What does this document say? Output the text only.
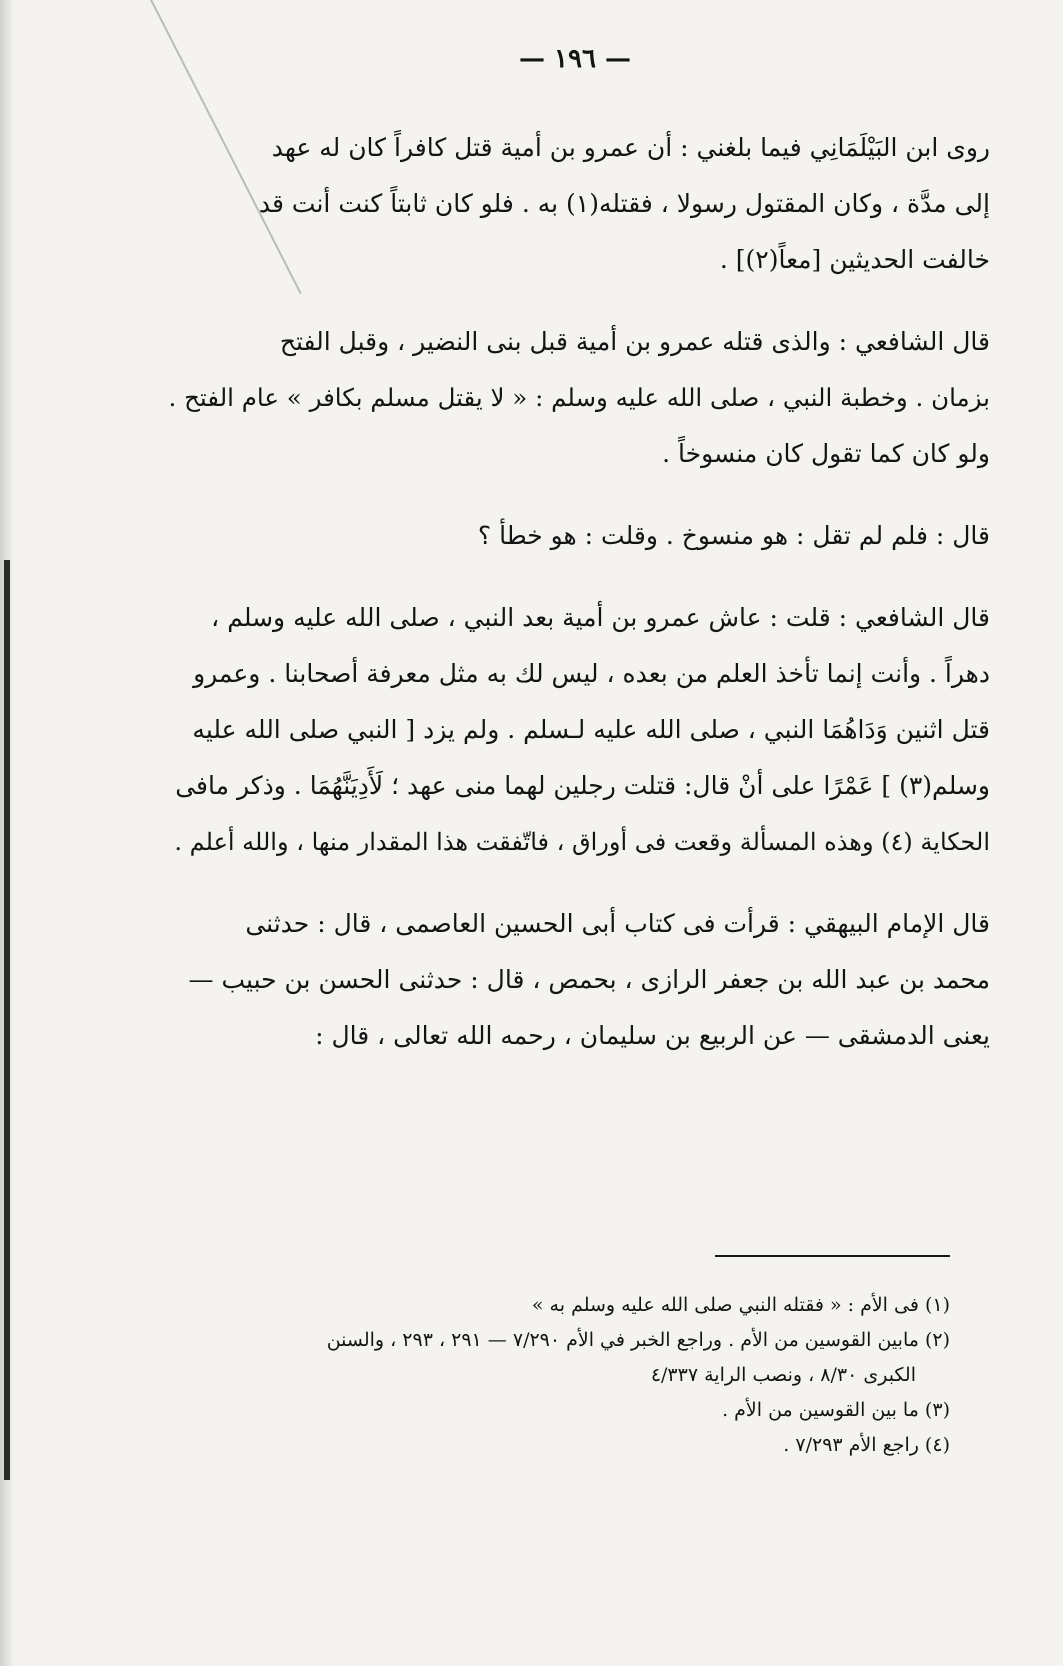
— ١٩٦ —

روى ابن البَيْلَمَانِي فيما بلغني : أن عمرو بن أمية قتل كافراً كان له عهد
إلى مدَّة ، وكان المقتول رسولا ، فقتله(١) به . فلو كان ثابتاً كنت أنت قد
خالفت الحديثين [معاً(٢)] .

قال الشافعي : والذى قتله عمرو بن أمية قبل بنى النضير ، وقبل الفتح
بزمان . وخطبة النبي ، صلى الله عليه وسلم : « لا يقتل مسلم بكافر » عام الفتح .
ولو كان كما تقول كان منسوخاً .

قال : فلم لم تقل : هو منسوخ . وقلت : هو خطأ ؟

قال الشافعي : قلت : عاش عمرو بن أمية بعد النبي ، صلى الله عليه وسلم ،
دهراً . وأنت إنما تأخذ العلم من بعده ، ليس لك به مثل معرفة أصحابنا . وعمرو
قتل اثنين وَدَاهُمَا النبي ، صلى الله عليه لـسلم . ولم يزد [ النبي صلى الله عليه
وسلم(٣) ] عَمْرًا على أنْ قال: قتلت رجلين لهما منى عهد ؛ لَأَدِيَنَّهُمَا . وذكر مافى
الحكاية (٤) وهذه المسألة وقعت فى أوراق ، فاتّفقت هذا المقدار منها ، والله أعلم .

قال الإمام البيهقي : قرأت فى كتاب أبى الحسين العاصمى ، قال : حدثنى
محمد بن عبد الله بن جعفر الرازى ، بحمص ، قال : حدثنى الحسن بن حبيب —
يعنى الدمشقى — عن الربيع بن سليمان ، رحمه الله تعالى ، قال :

(١) فى الأم : « فقتله النبي صلى الله عليه وسلم به »
(٢) مابين القوسين من الأم . وراجع الخبر في الأم ٧/٢٩٠ — ٢٩١ ، ٢٩٣ ، والسنن
الكبرى ٨/٣٠ ، ونصب الراية ٤/٣٣٧
(٣) ما بين القوسين من الأم .
(٤) راجع الأم ٧/٢٩٣ .
